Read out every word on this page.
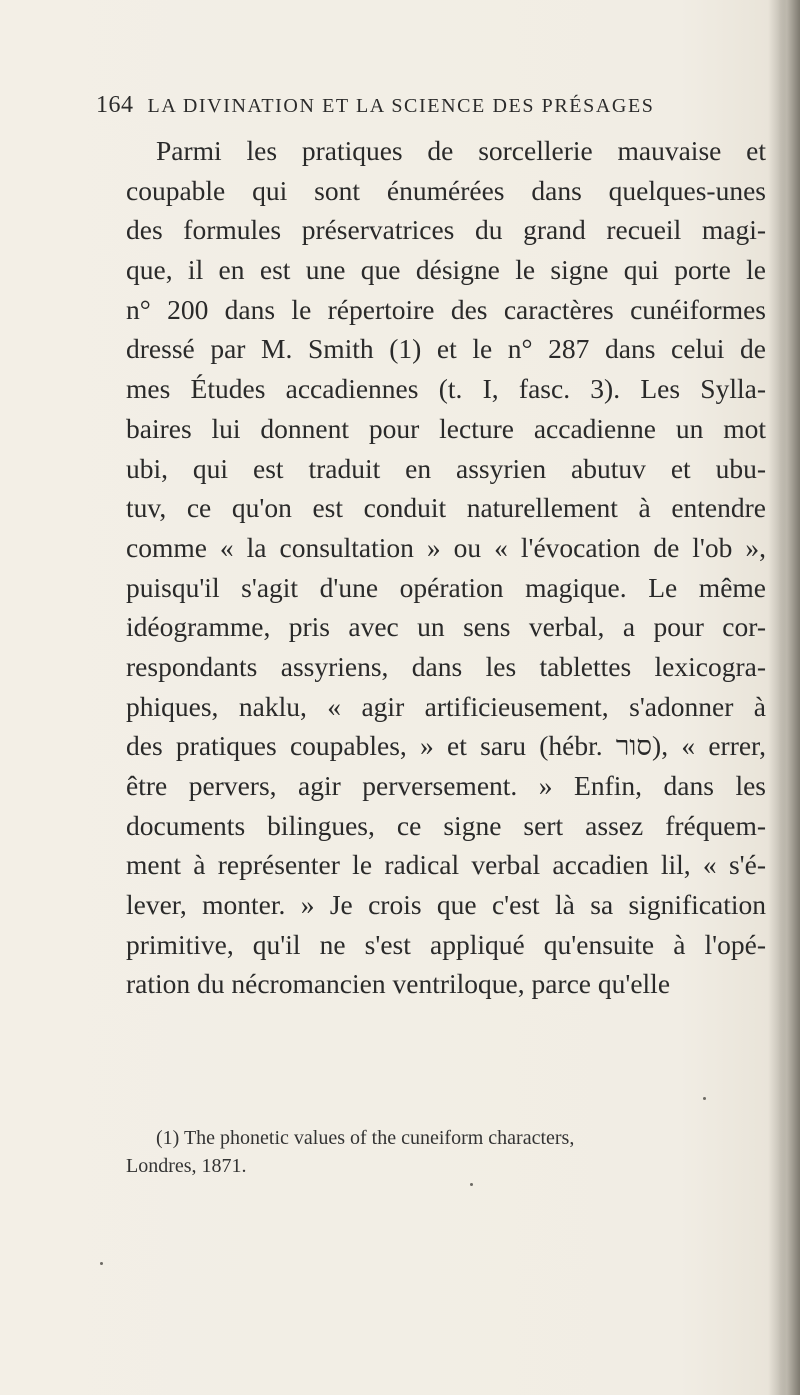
164 LA DIVINATION ET LA SCIENCE DES PRÉSAGES
Parmi les pratiques de sorcellerie mauvaise et
coupable qui sont énumérées dans quelques-unes
des formules préservatrices du grand recueil magi-
que, il en est une que désigne le signe qui porte le
n° 200 dans le répertoire des caractères cunéiformes
dressé par M. Smith (1) et le n° 287 dans celui de
mes Études accadiennes (t. I, fasc. 3). Les Sylla-
baires lui donnent pour lecture accadienne un mot
ubi, qui est traduit en assyrien abutuv et ubu-
tuv, ce qu'on est conduit naturellement à entendre
comme « la consultation » ou « l'évocation de l'ob »,
puisqu'il s'agit d'une opération magique. Le même
idéogramme, pris avec un sens verbal, a pour cor-
respondants assyriens, dans les tablettes lexicogra-
phiques, naklu, « agir artificieusement, s'adonner à
des pratiques coupables, » et saru (hébr. סור), « errer,
être pervers, agir perversement. » Enfin, dans les
documents bilingues, ce signe sert assez fréquem-
ment à représenter le radical verbal accadien lil, « s'é-
lever, monter. » Je crois que c'est là sa signification
primitive, qu'il ne s'est appliqué qu'ensuite à l'opé-
ration du nécromancien ventriloque, parce qu'elle
(1) The phonetic values of the cuneiform characters,
Londres, 1871.
